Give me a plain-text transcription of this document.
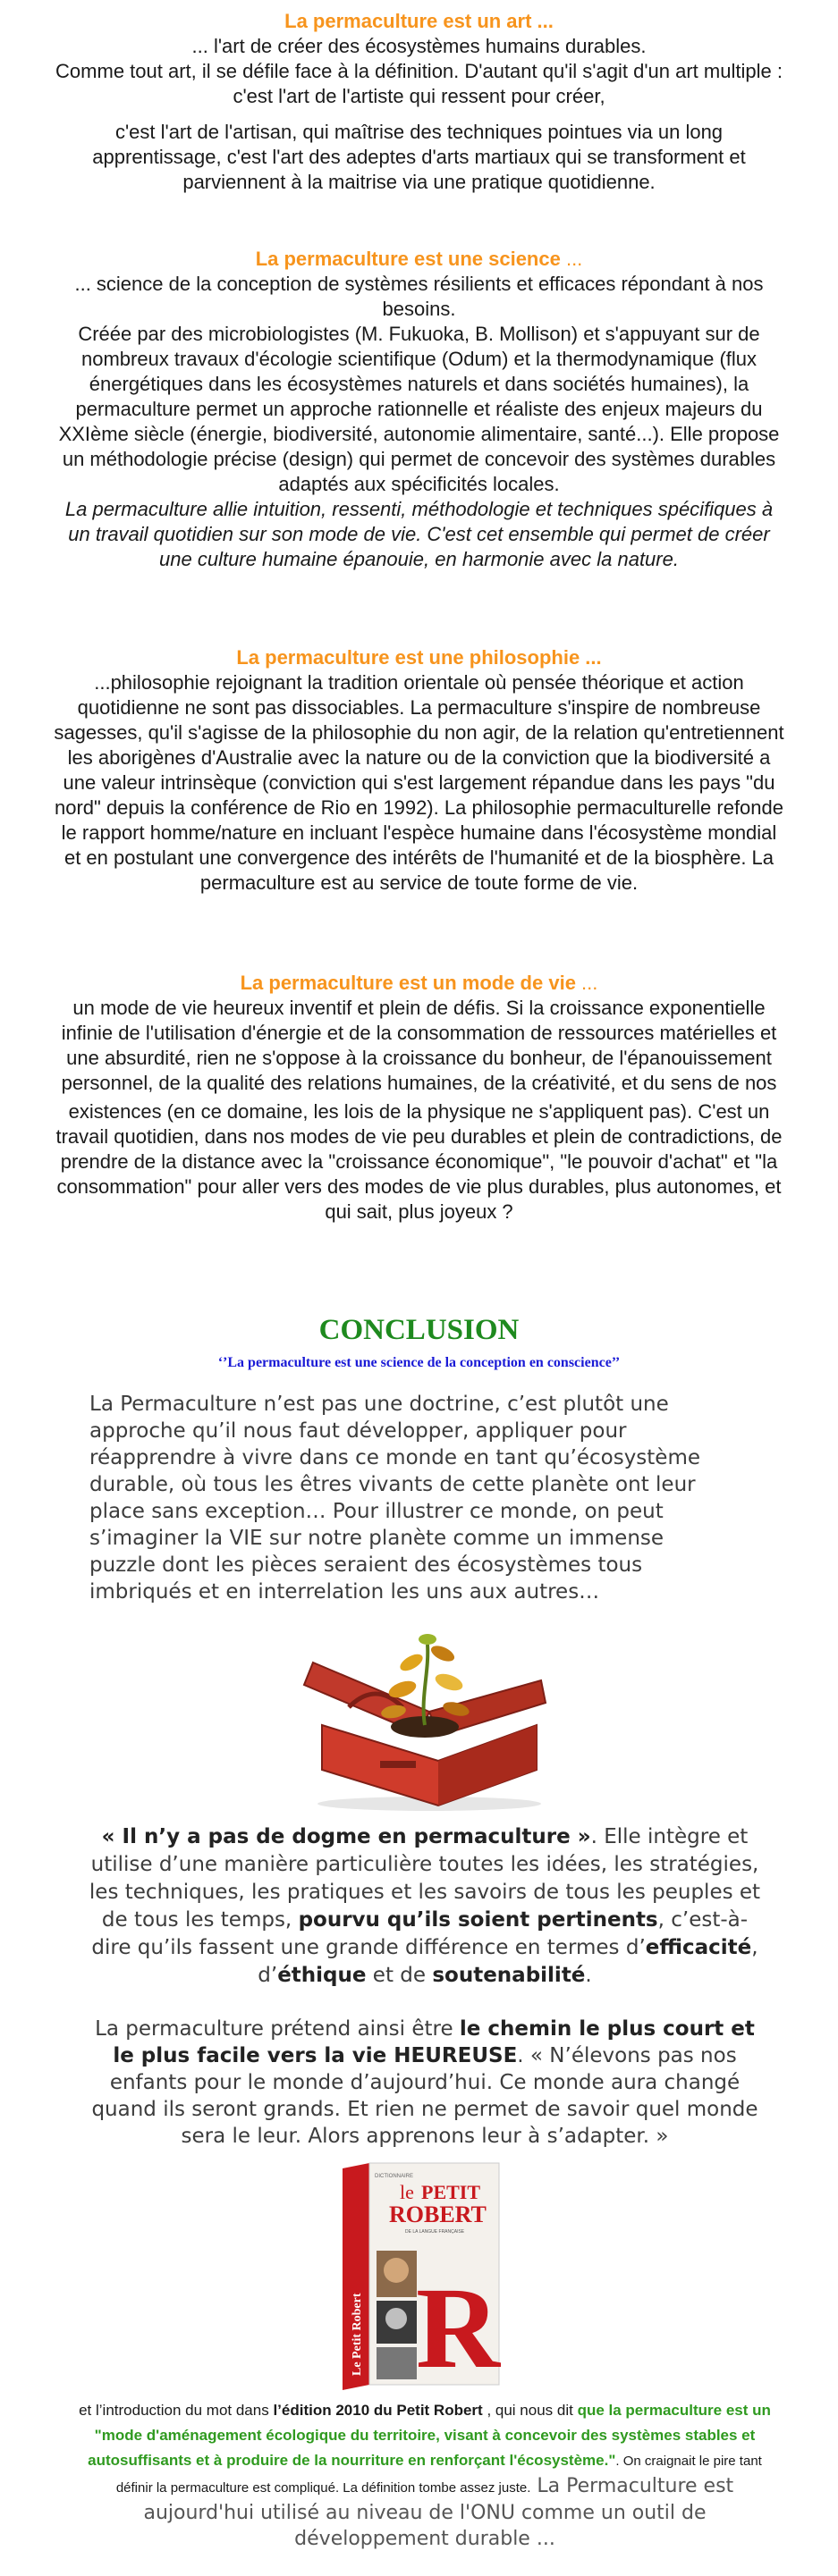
La permaculture est un art ...

... l'art de créer des écosystèmes humains durables.

Comme tout art, il se défile face à la définition. D'autant qu'il s'agit d'un art multiple : c'est l'art de l'artiste qui ressent pour créer,

c'est l'art de l'artisan, qui maîtrise des techniques pointues via un long apprentissage, c'est l'art des adeptes d'arts martiaux qui se transforment et parviennent à la maitrise via une pratique quotidienne.

La permaculture est une science ...

... science de la conception de systèmes résilients et efficaces répondant à nos besoins.

Créée par des microbiologistes (M. Fukuoka, B. Mollison) et s'appuyant sur de nombreux travaux d'écologie scientifique (Odum) et la thermodynamique (flux énergétiques dans les écosystèmes naturels et dans sociétés humaines), la permaculture permet un approche rationnelle et réaliste des enjeux majeurs du XXIème siècle (énergie, biodiversité, autonomie alimentaire, santé...). Elle propose un méthodologie précise (design) qui permet de concevoir des systèmes durables adaptés aux spécificités locales.

La permaculture allie intuition, ressenti, méthodologie et techniques spécifiques à un travail quotidien sur son mode de vie. C'est cet ensemble qui permet de créer une culture humaine épanouie, en harmonie avec la nature.

La permaculture est une philosophie ...

...philosophie rejoignant la tradition orientale où pensée théorique et action quotidienne ne sont pas dissociables. La permaculture s'inspire de nombreuse sagesses, qu'il s'agisse de la philosophie du non agir, de la relation qu'entretiennent les aborigènes d'Australie avec la nature ou de la conviction que la biodiversité a une valeur intrinsèque (conviction qui s'est largement répandue dans les pays "du nord" depuis la conférence de Rio en 1992). La philosophie permaculturelle refonde le rapport homme/nature en incluant l'espèce humaine dans l'écosystème mondial et en postulant une convergence des intérêts de l'humanité et de la biosphère. La permaculture est au service de toute forme de vie.

La permaculture est un mode de vie ...

un mode de vie heureux inventif et plein de défis. Si la croissance exponentielle infinie de l'utilisation d'énergie et de la consommation de ressources matérielles et une absurdité, rien ne s'oppose à la croissance du bonheur, de l'épanouissement personnel, de la qualité des relations humaines, de la créativité, et du sens de nos

existences (en ce domaine, les lois de la physique ne s'appliquent pas). C'est un travail quotidien, dans nos modes de vie peu durables et plein de contradictions, de prendre de la distance avec la "croissance économique", "le pouvoir d'achat" et "la consommation" pour aller vers des modes de vie plus durables, plus autonomes, et qui sait, plus joyeux ?

CONCLUSION
‘’La permaculture est une science de la conception en conscience’’
La Permaculture n’est pas une doctrine, c’est plutôt une approche qu’il nous faut développer, appliquer pour réapprendre à vivre dans ce monde en tant qu’écosystème durable, où tous les êtres vivants de cette planète ont leur place sans exception… Pour illustrer ce monde, on peut s’imaginer la VIE sur notre planète comme un immense puzzle dont les pièces seraient des écosystèmes tous imbriqués et en interrelation les uns aux autres…
« Il n’y a pas de dogme en permaculture ». Elle intègre et utilise d’une manière particulière toutes les idées, les stratégies, les techniques, les pratiques et les savoirs de tous les peuples et de tous les temps, pourvu qu’ils soient pertinents, c’est-à-dire qu’ils fassent une grande différence en termes d’efficacité, d’éthique et de soutenabilité.
La permaculture prétend ainsi être le chemin le plus court et le plus facile vers la vie HEUREUSE. « N’élevons pas nos enfants pour le monde d’aujourd’hui. Ce monde aura changé quand ils seront grands. Et rien ne permet de savoir quel monde sera le leur. Alors apprenons leur à s’adapter. »
DICTIONNAIRE
le PETIT
ROBERT
DE LA LANGUE FRANÇAISE
R
Le Petit Robert
et l’introduction du mot dans l’édition 2010 du Petit Robert , qui nous dit que la permaculture est un "mode d'aménagement écologique du territoire, visant à concevoir des systèmes stables et autosuffisants et à produire de la nourriture en renforçant l'écosystème.". On craignait le pire tant définir la permaculture est compliqué. La définition tombe assez juste. La Permaculture est aujourd'hui utilisé au niveau de l'ONU comme un outil de développement durable ...
